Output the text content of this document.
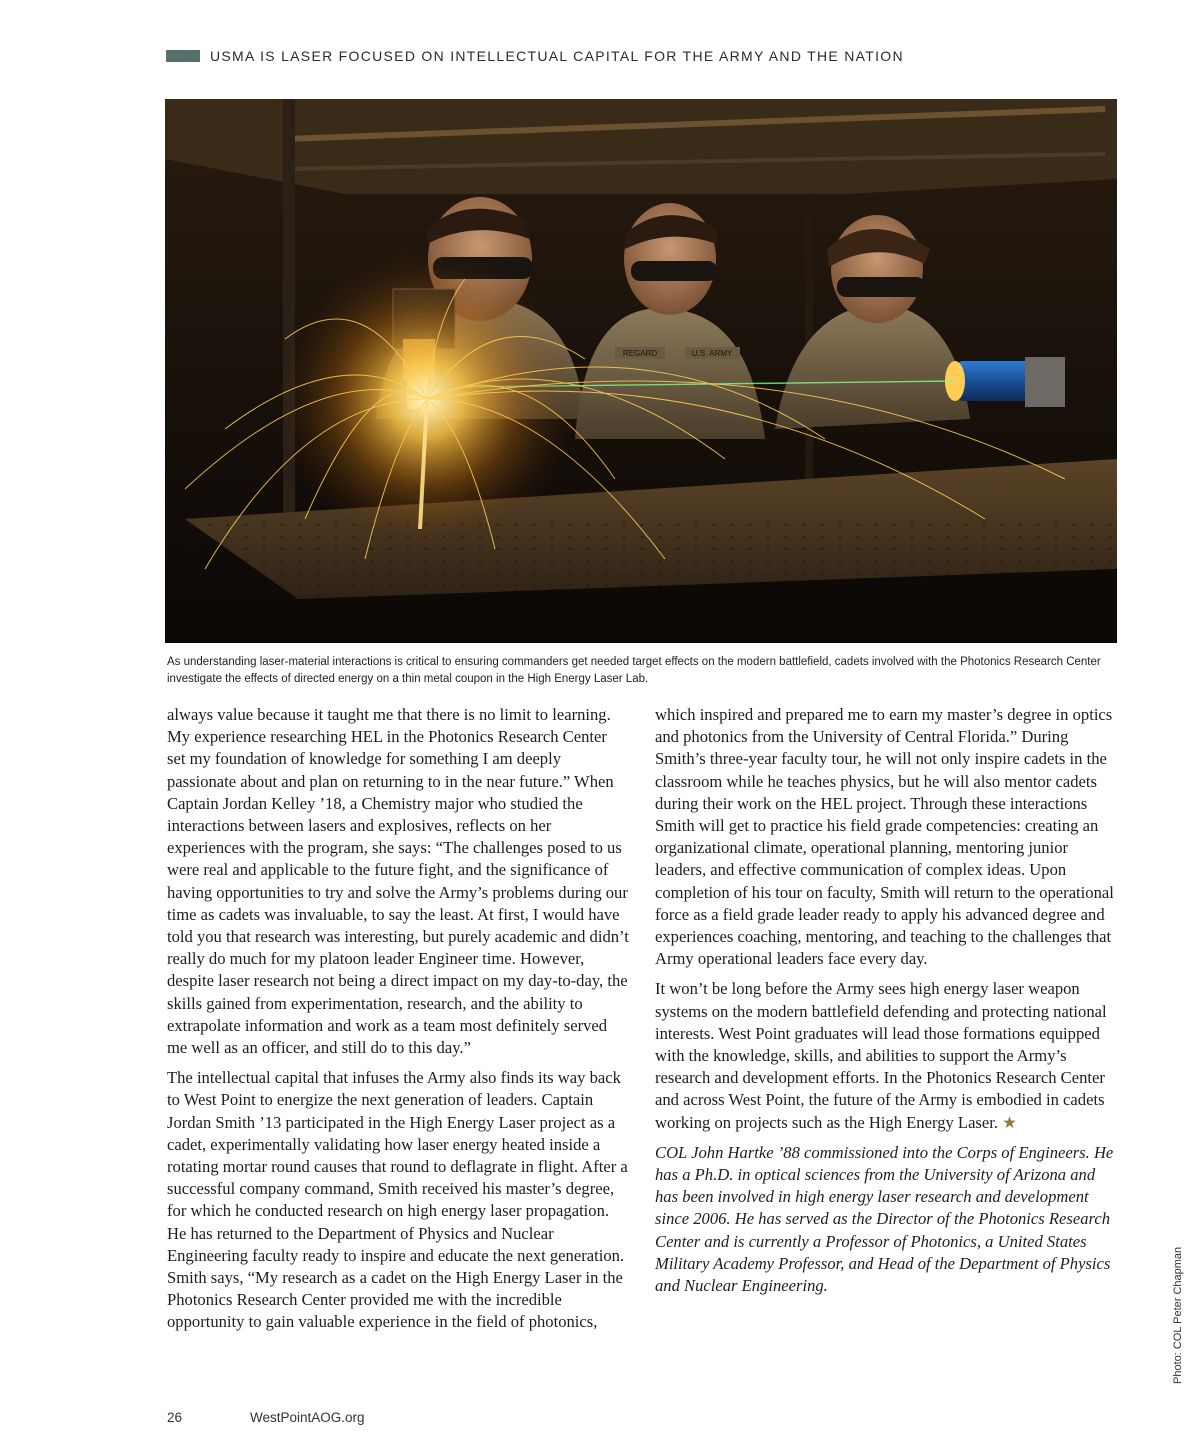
USMA IS LASER FOCUSED ON INTELLECTUAL CAPITAL FOR THE ARMY AND THE NATION
REGARD	U.S. ARMY
As understanding laser-material interactions is critical to ensuring commanders get needed target effects on the modern battlefield, cadets involved with the Photonics Research Center investigate the effects of directed energy on a thin metal coupon in the High Energy Laser Lab.

always value because it taught me that there is no limit to learning. My experience researching HEL in the Photonics Research Center set my foundation of knowledge for something I am deeply passionate about and plan on returning to in the near future.” When Captain Jordan Kelley ’18, a Chemistry major who studied the interactions between lasers and explosives, reflects on her experiences with the program, she says: “The challenges posed to us were real and applicable to the future fight, and the significance of having opportunities to try and solve the Army’s problems during our time as cadets was invaluable, to say the least. At first, I would have told you that research was interesting, but purely academic and didn’t really do much for my platoon leader Engineer time. However, despite laser research not being a direct impact on my day-to-day, the skills gained from experimentation, research, and the ability to extrapolate information and work as a team most definitely served me well as an officer, and still do to this day.”

The intellectual capital that infuses the Army also finds its way back to West Point to energize the next generation of leaders. Captain Jordan Smith ’13 participated in the High Energy Laser project as a cadet, experimentally validating how laser energy heated inside a rotating mortar round causes that round to deflagrate in flight. After a successful company command, Smith received his master’s degree, for which he conducted research on high energy laser propagation. He has returned to the Department of Physics and Nuclear Engineering faculty ready to inspire and educate the next generation. Smith says, “My research as a cadet on the High Energy Laser in the Photonics Research Center provided me with the incredible opportunity to gain valuable experience in the field of photonics,

which inspired and prepared me to earn my master’s degree in optics and photonics from the University of Central Florida.” During Smith’s three-year faculty tour, he will not only inspire cadets in the classroom while he teaches physics, but he will also mentor cadets during their work on the HEL project. Through these interactions Smith will get to practice his field grade competencies: creating an organizational climate, operational planning, mentoring junior leaders, and effective communication of complex ideas. Upon completion of his tour on faculty, Smith will return to the operational force as a field grade leader ready to apply his advanced degree and experiences coaching, mentoring, and teaching to the challenges that Army operational leaders face every day.

It won’t be long before the Army sees high energy laser weapon systems on the modern battlefield defending and protecting national interests. West Point graduates will lead those formations equipped with the knowledge, skills, and abilities to support the Army’s research and development efforts. In the Photonics Research Center and across West Point, the future of the Army is embodied in cadets working on projects such as the High Energy Laser. ★

COL John Hartke ’88 commissioned into the Corps of Engineers. He has a Ph.D. in optical sciences from the University of Arizona and has been involved in high energy laser research and development since 2006. He has served as the Director of the Photonics Research Center and is currently a Professor of Photonics, a United States Military Academy Professor, and Head of the Department of Physics and Nuclear Engineering.	Photo: COL Peter Chapman
26	WestPointAOG.org
